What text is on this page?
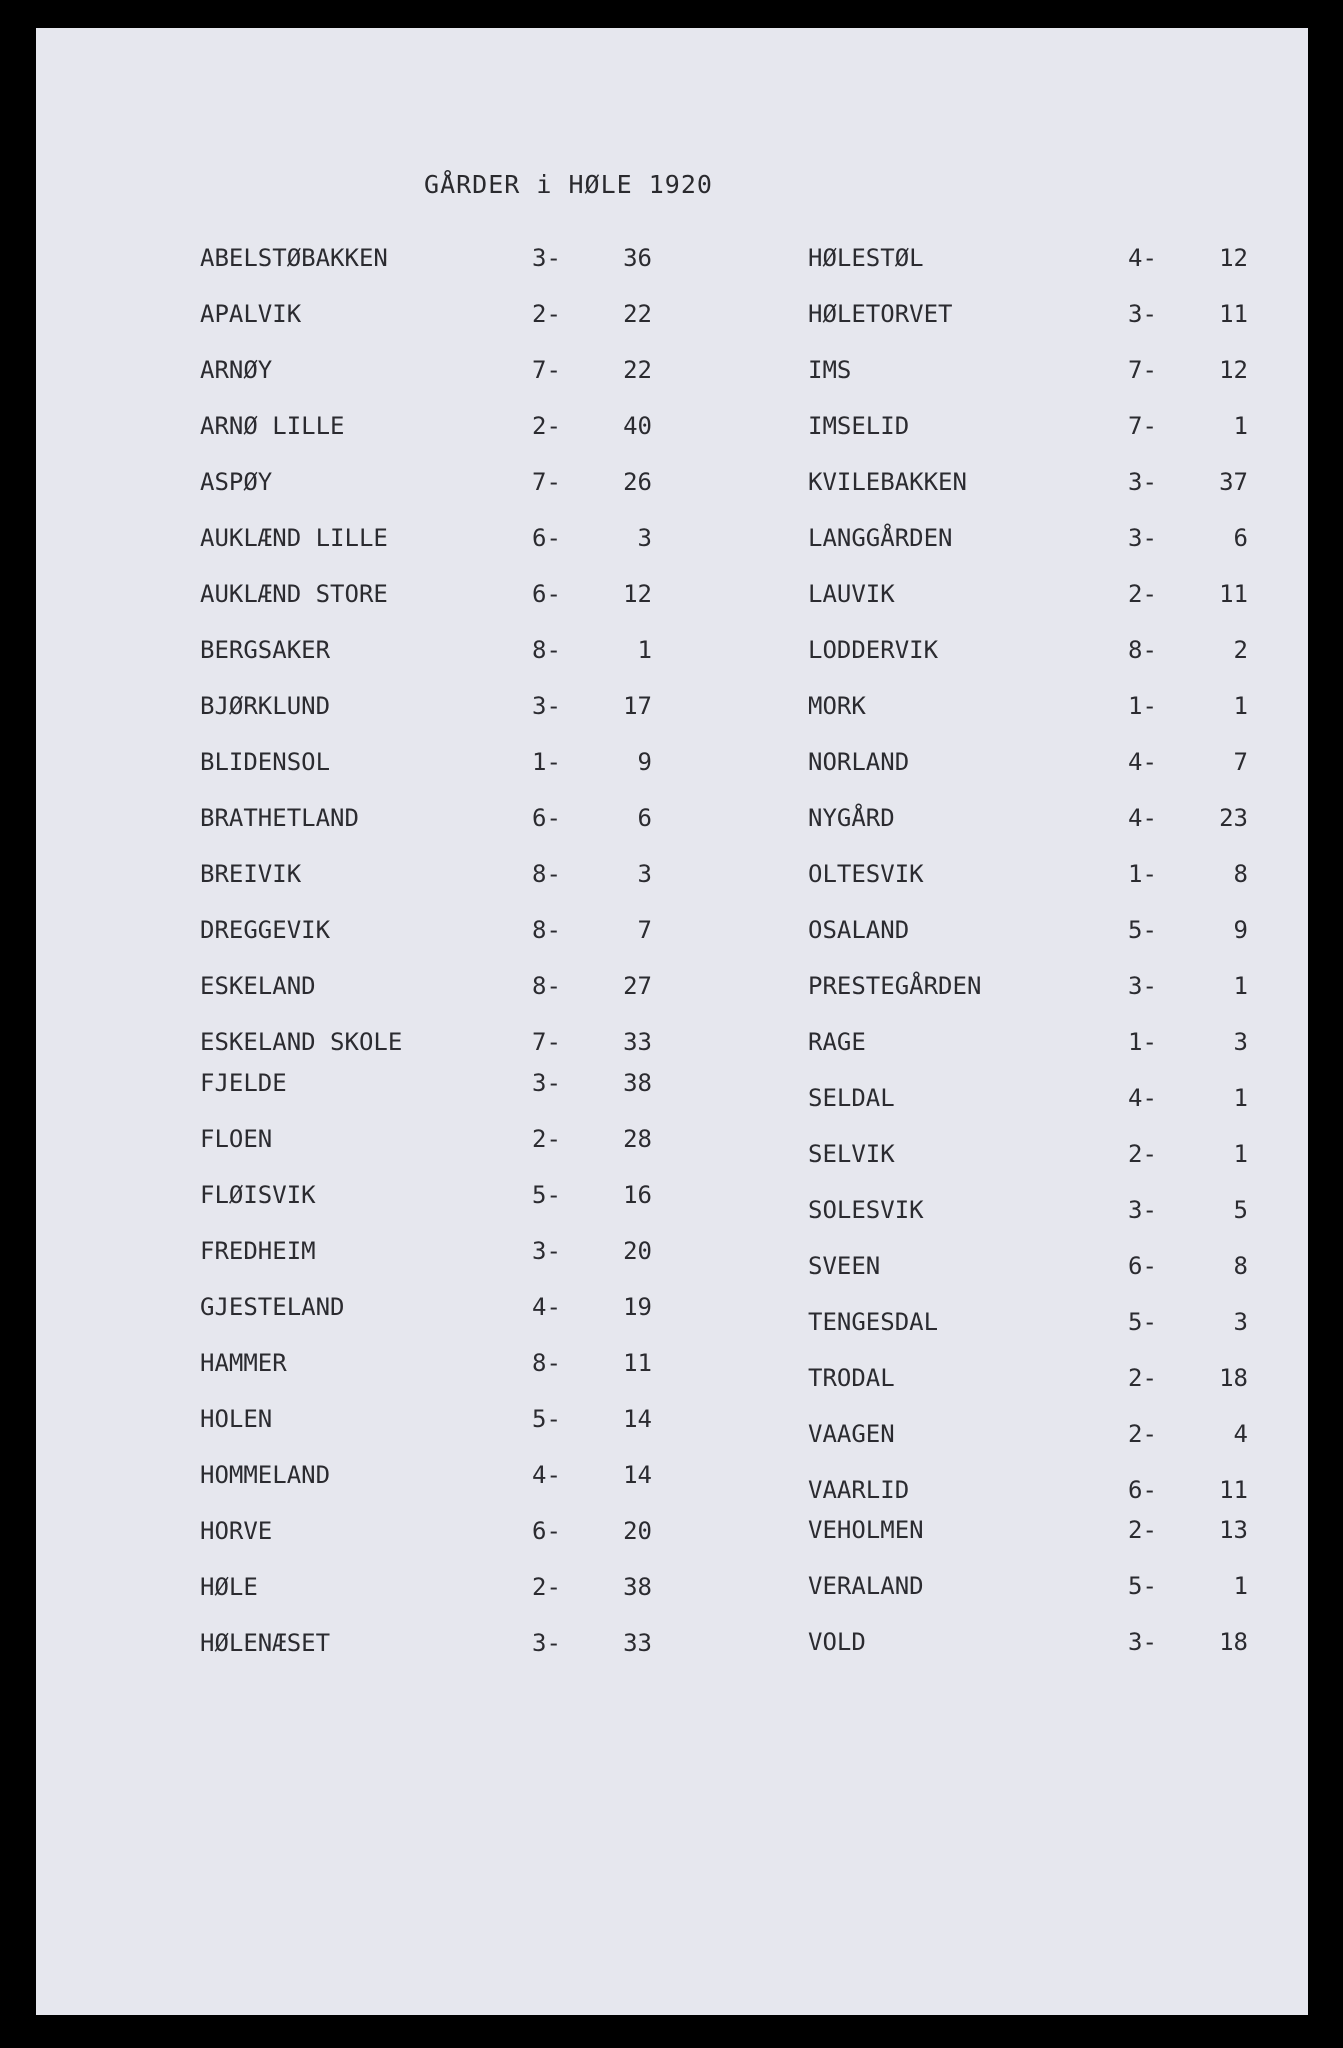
GÅRDER i HØLE 1920
ABELSTØBAKKEN	3-	36
APALVIK	2-	22
ARNØY	7-	22
ARNØ LILLE	2-	40
ASPØY	7-	26
AUKLÆND LILLE	6-	3
AUKLÆND STORE	6-	12
BERGSAKER	8-	1
BJØRKLUND	3-	17
BLIDENSOL	1-	9
BRATHETLAND	6-	6
BREIVIK	8-	3
DREGGEVIK	8-	7
ESKELAND	8-	27
ESKELAND SKOLE	7-	33
FJELDE	3-	38
FLOEN	2-	28
FLØISVIK	5-	16
FREDHEIM	3-	20
GJESTELAND	4-	19
HAMMER	8-	11
HOLEN	5-	14
HOMMELAND	4-	14
HORVE	6-	20
HØLE	2-	38
HØLENÆSET	3-	33
HØLESTØL	4-	12
HØLETORVET	3-	11
IMS	7-	12
IMSELID	7-	1
KVILEBAKKEN	3-	37
LANGGÅRDEN	3-	6
LAUVIK	2-	11
LODDERVIK	8-	2
MORK	1-	1
NORLAND	4-	7
NYGÅRD	4-	23
OLTESVIK	1-	8
OSALAND	5-	9
PRESTEGÅRDEN	3-	1
RAGE	1-	3
SELDAL	4-	1
SELVIK	2-	1
SOLESVIK	3-	5
SVEEN	6-	8
TENGESDAL	5-	3
TRODAL	2-	18
VAAGEN	2-	4
VAARLID	6-	11
VEHOLMEN	2-	13
VERALAND	5-	1
VOLD	3-	18
